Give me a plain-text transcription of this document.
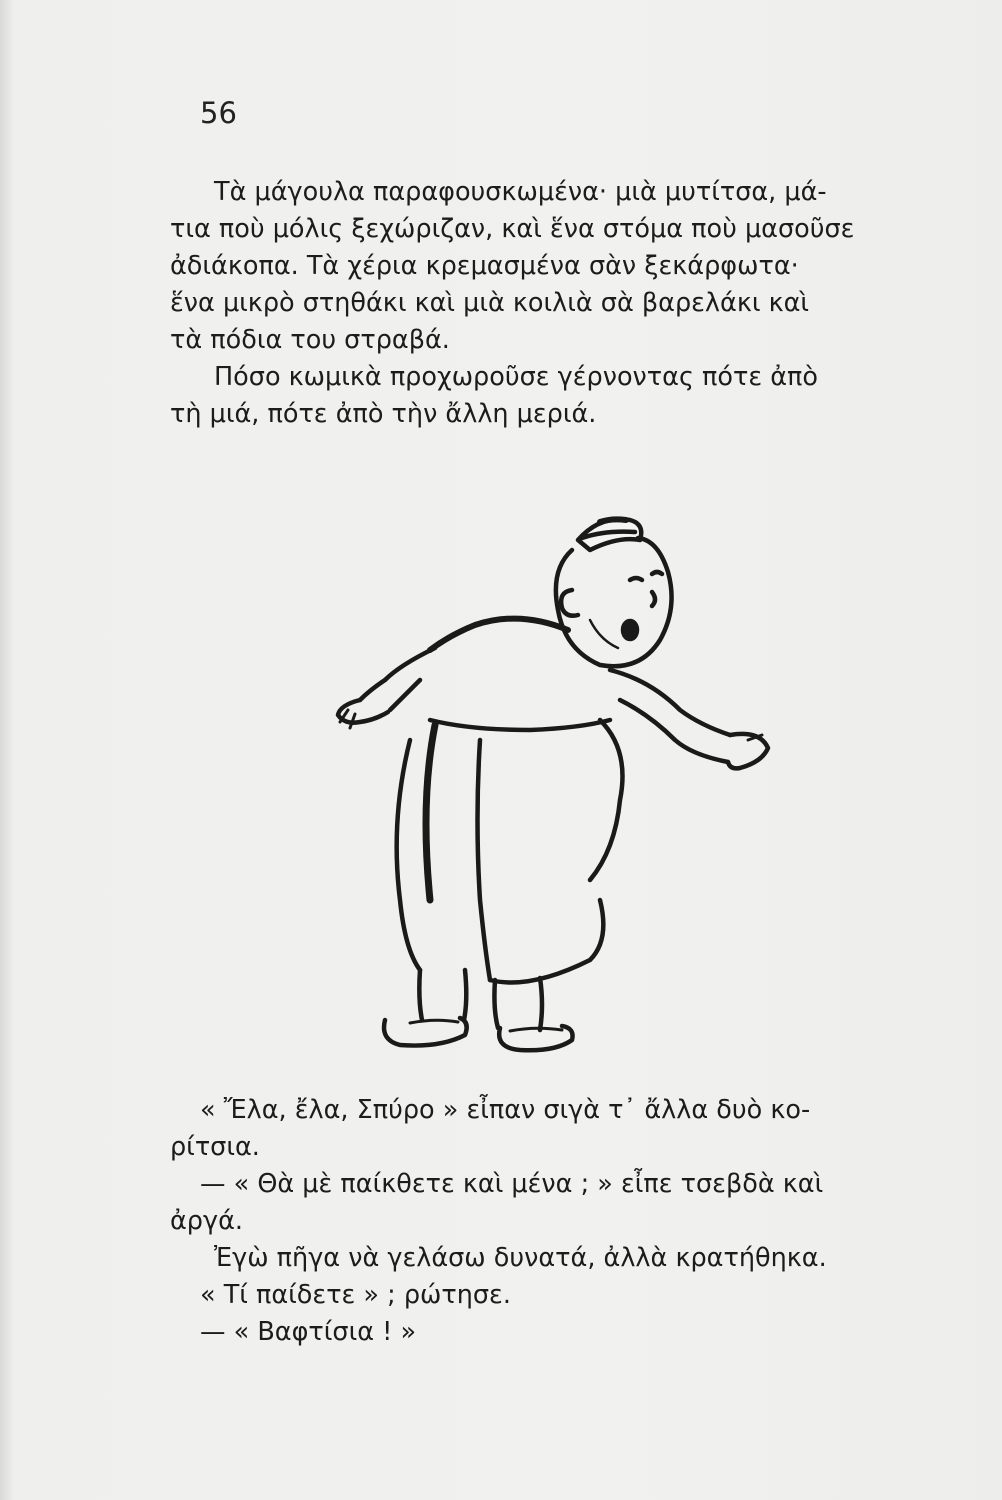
56

Τὰ μάγουλα παραφουσκωμένα· μιὰ μυτίτσα, μά-
τια ποὺ μόλις ξεχώριζαν, καὶ ἕνα στόμα ποὺ μασοῦσε
ἀδιάκοπα. Τὰ χέρια κρεμασμένα σὰν ξεκάρφωτα·
ἕνα μικρὸ στηθάκι καὶ μιὰ κοιλιὰ σὰ βαρελάκι καὶ
τὰ πόδια του στραβά.

Πόσο κωμικὰ προχωροῦσε γέρνοντας πότε ἀπὸ
τὴ μιά, πότε ἀπὸ τὴν ἄλλη μεριά.

« Ἔλα, ἔλα, Σπύρο » εἶπαν σιγὰ τ᾽ ἄλλα δυὸ κο-
ρίτσια.

— « Θὰ μὲ παίκθετε καὶ μένα ; » εἶπε τσεβδὰ καὶ
ἀργά.

Ἐγὼ πῆγα νὰ γελάσω δυνατά, ἀλλὰ κρατήθηκα.

« Τί παίδετε » ; ρώτησε.

— « Βαφτίσια ! »
